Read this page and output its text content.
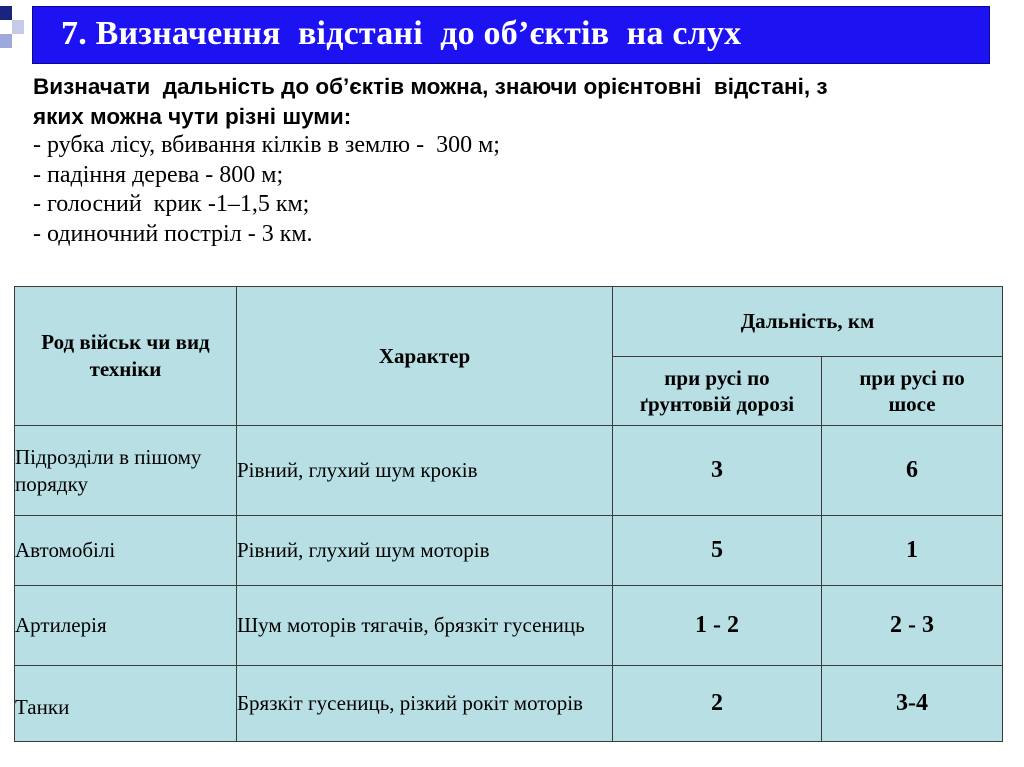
7. Визначення  відстані  до об’єктів  на слух
Визначати  дальність до об’єктів можна, знаючи орієнтовні  відстані, з
яких можна чути різні шуми:
- рубка лісу, вбивання кілків в землю -  300 м;
- падіння дерева - 800 м;
- голосний  крик -1–1,5 км;
- одиночний постріл - 3 км.
Род військ чи вид техніки	Характер	Дальність, км	
		при русі по ґрунтовій дорозі	при русі по шосе
Підрозділи в пішому порядку	Рівний, глухий шум кроків	3	6
Автомобілі	Рівний, глухий шум моторів	5	1
Артилерія	Шум моторів тягачів, брязкіт гусениць	1 - 2	2 - 3
Танки	Брязкіт гусениць, різкий рокіт моторів	2	3-4
